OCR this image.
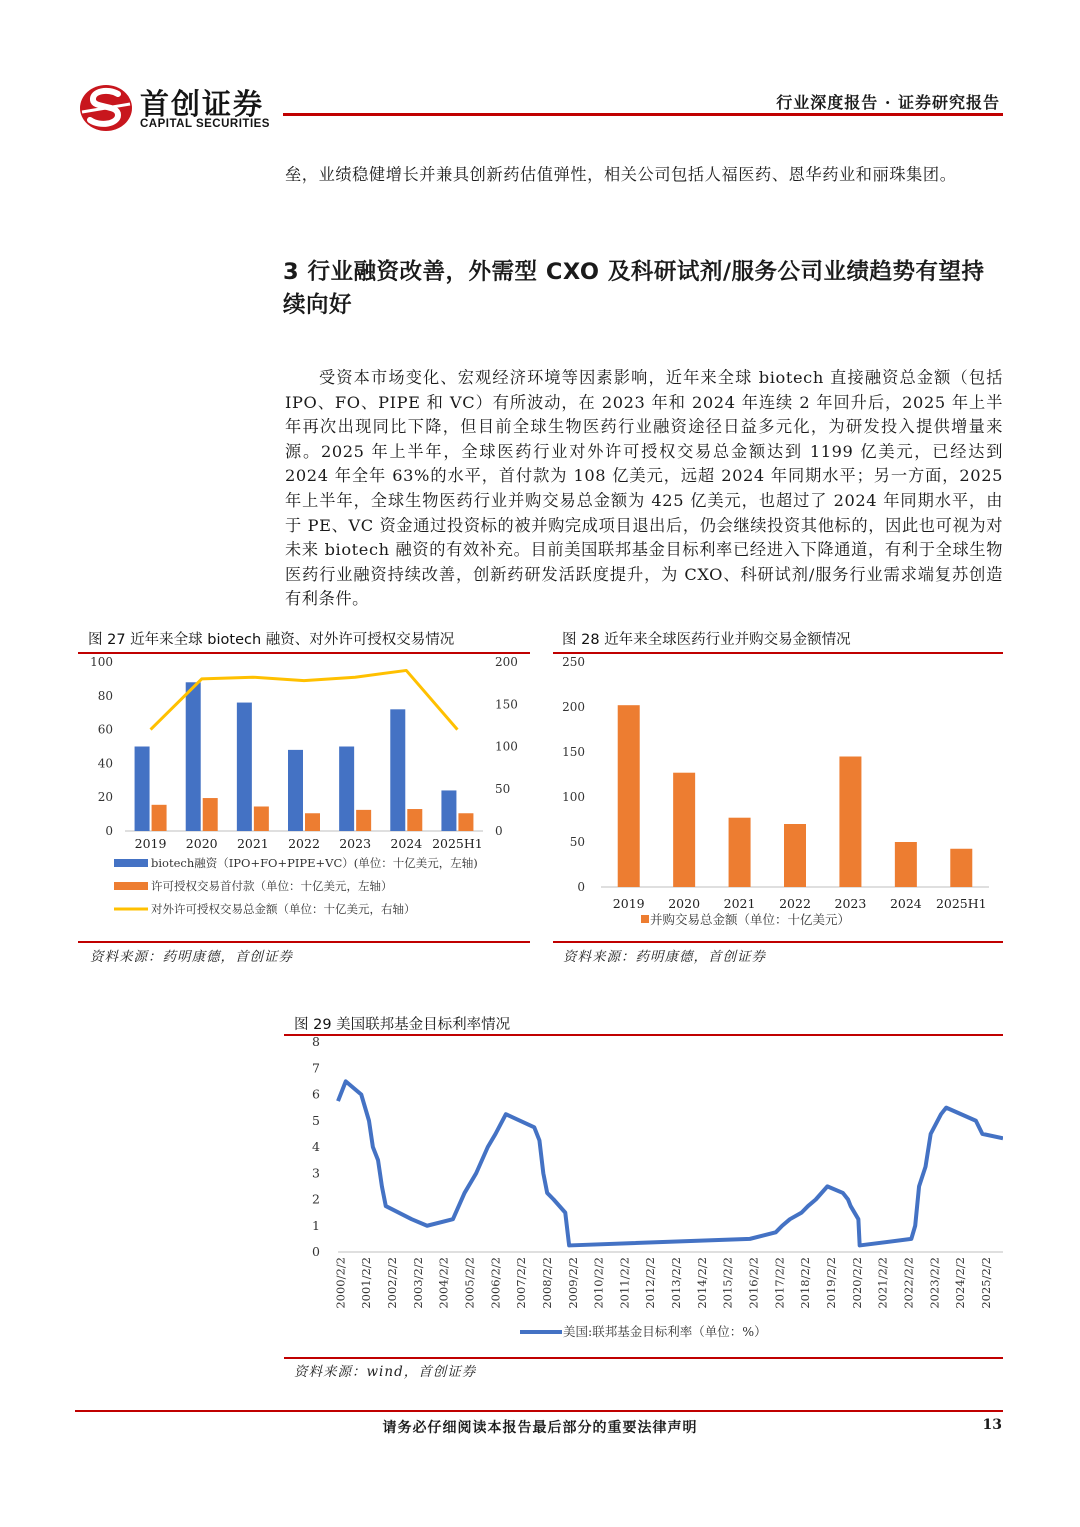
首创证券
CAPITAL SECURITIES
行业深度报告 · 证券研究报告
垒，业绩稳健增长并兼具创新药估值弹性，相关公司包括人福医药、恩华药业和丽珠集团。
3 行业融资改善，外需型 CXO 及科研试剂/服务公司业绩趋势有望持续向好
受资本市场变化、宏观经济环境等因素影响，近年来全球 biotech 直接融资总金额（包括 IPO、FO、PIPE 和 VC）有所波动，在 2023 年和 2024 年连续 2 年回升后，2025 年上半年再次出现同比下降，但目前全球生物医药行业融资途径日益多元化，为研发投入提供增量来源。2025 年上半年，全球医药行业对外许可授权交易总金额达到 1199 亿美元，已经达到 2024 年全年 63%的水平，首付款为 108 亿美元，远超 2024 年同期水平；另一方面，2025 年上半年，全球生物医药行业并购交易总金额为 425 亿美元，也超过了 2024 年同期水平，由于 PE、VC 资金通过投资标的被并购完成项目退出后，仍会继续投资其他标的，因此也可视为对未来 biotech 融资的有效补充。目前美国联邦基金目标利率已经进入下降通道，有利于全球生物医药行业融资持续改善，创新药研发活跃度提升，为 CXO、科研试剂/服务行业需求端复苏创造有利条件。
图 27 近年来全球 biotech 融资、对外许可授权交易情况
0
20
40
60
80
100
0
50
100
150
200
2019 2020 2021 2022 2023 2024 2025H1
biotech融资（IPO+FO+PIPE+VC）(单位：十亿美元，左轴)
许可授权交易首付款（单位：十亿美元，左轴）
对外许可授权交易总金额（单位：十亿美元，右轴）
资料来源：药明康德，首创证券
图 28 近年来全球医药行业并购交易金额情况
0
50
100
150
200
250
2019 2020 2021 2022 2023 2024 2025H1
并购交易总金额（单位：十亿美元）
资料来源：药明康德，首创证券
图 29 美国联邦基金目标利率情况
0
1
2
3
4
5
6
7
8
2000/2/2 2001/2/2 2002/2/2 2003/2/2 2004/2/2 2005/2/2 2006/2/2 2007/2/2 2008/2/2 2009/2/2 2010/2/2 2011/2/2 2012/2/2 2013/2/2 2014/2/2 2015/2/2 2016/2/2 2017/2/2 2018/2/2 2019/2/2 2020/2/2 2021/2/2 2022/2/2 2023/2/2 2024/2/2 2025/2/2
美国:联邦基金目标利率（单位：%）
资料来源：wind，首创证券
请务必仔细阅读本报告最后部分的重要法律声明	13
